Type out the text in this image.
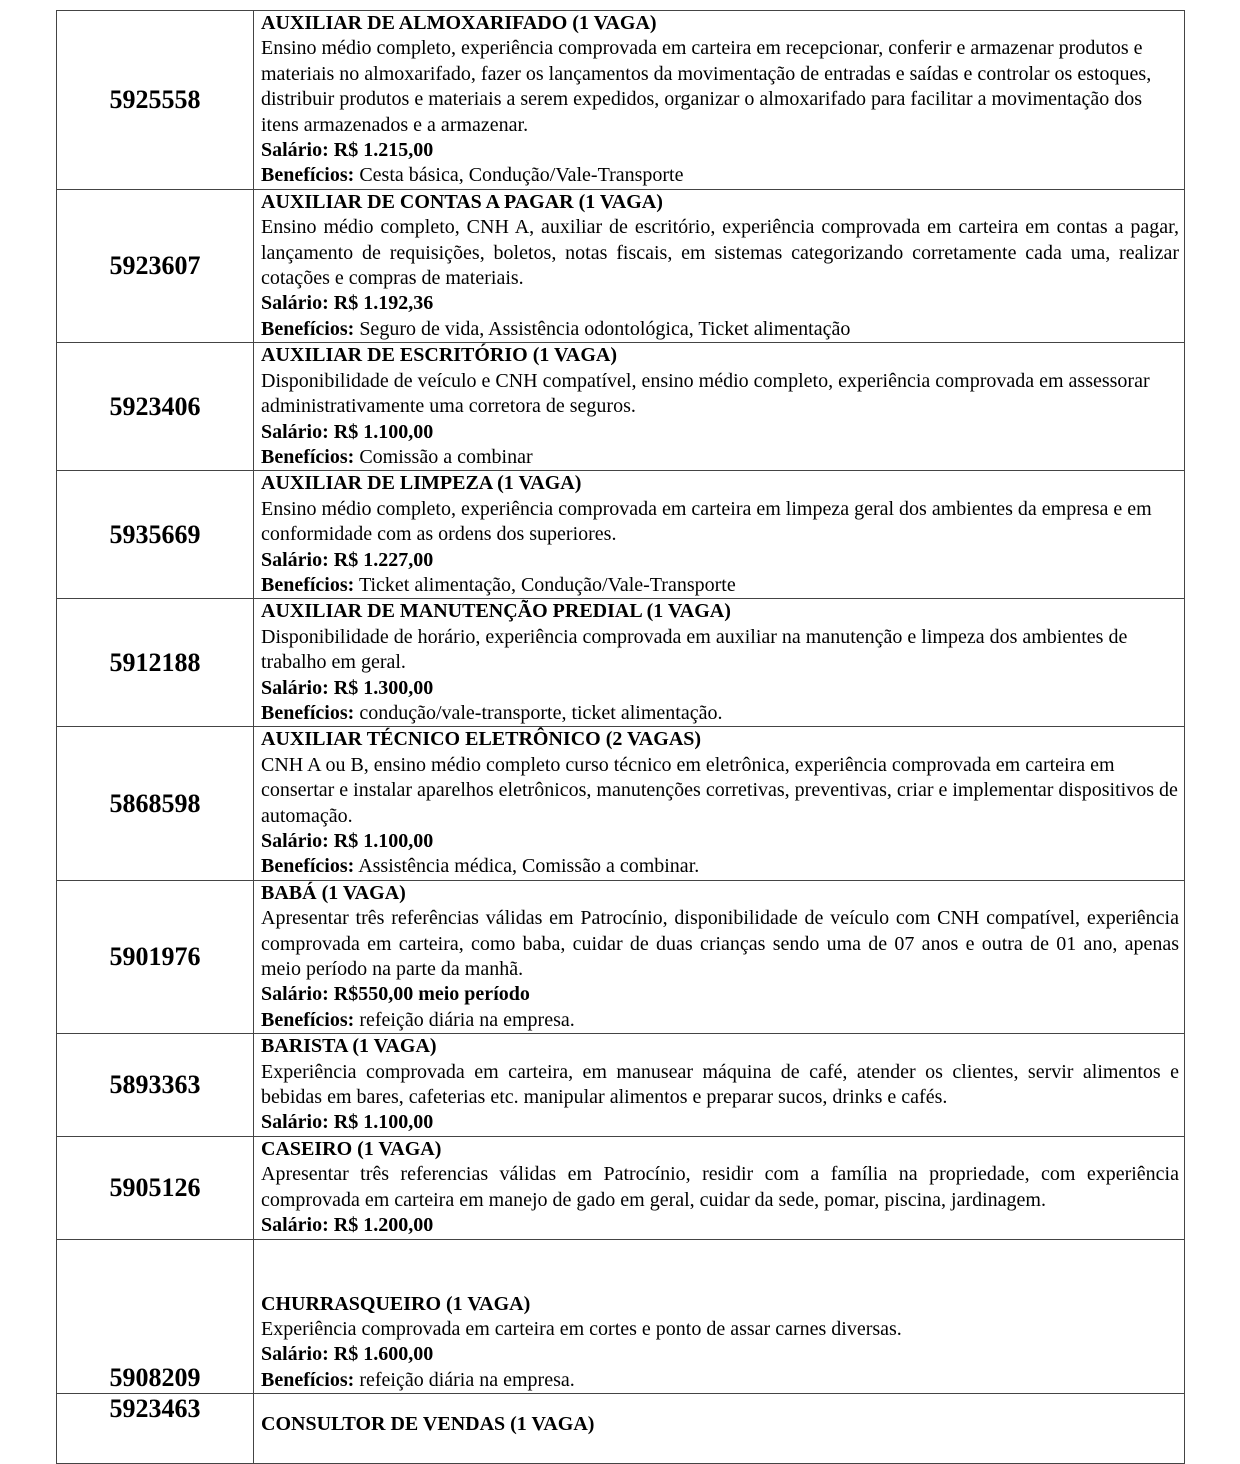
5925558	AUXILIAR DE ALMOXARIFADO (1 VAGA)
Ensino médio completo, experiência comprovada em carteira em recepcionar, conferir e armazenar produtos e materiais no almoxarifado, fazer os lançamentos da movimentação de entradas e saídas e controlar os estoques, distribuir produtos e materiais a serem expedidos, organizar o almoxarifado para facilitar a movimentação dos itens armazenados e a armazenar.
Salário: R$ 1.215,00
Benefícios: Cesta básica, Condução/Vale-Transporte

5923607	AUXILIAR DE CONTAS A PAGAR (1 VAGA)
Ensino médio completo, CNH A, auxiliar de escritório, experiência comprovada em carteira em contas a pagar, lançamento de requisições, boletos, notas fiscais, em sistemas categorizando corretamente cada uma, realizar cotações e compras de materiais.
Salário: R$ 1.192,36
Benefícios: Seguro de vida, Assistência odontológica, Ticket alimentação

5923406	AUXILIAR DE ESCRITÓRIO (1 VAGA)
Disponibilidade de veículo e CNH compatível, ensino médio completo, experiência comprovada em assessorar administrativamente uma corretora de seguros.
Salário: R$ 1.100,00
Benefícios: Comissão a combinar

5935669	AUXILIAR DE LIMPEZA (1 VAGA)
Ensino médio completo, experiência comprovada em carteira em limpeza geral dos ambientes da empresa e em conformidade com as ordens dos superiores.
Salário: R$ 1.227,00
Benefícios: Ticket alimentação, Condução/Vale-Transporte

5912188	AUXILIAR DE MANUTENÇÃO PREDIAL (1 VAGA)
Disponibilidade de horário, experiência comprovada em auxiliar na manutenção e limpeza dos ambientes de trabalho em geral.
Salário: R$ 1.300,00
Benefícios: condução/vale-transporte, ticket alimentação.

5868598	AUXILIAR TÉCNICO ELETRÔNICO (2 VAGAS)
CNH A ou B, ensino médio completo curso técnico em eletrônica, experiência comprovada em carteira em consertar e instalar aparelhos eletrônicos, manutenções corretivas, preventivas, criar e implementar dispositivos de automação.
Salário: R$ 1.100,00
Benefícios: Assistência médica, Comissão a combinar.

5901976	BABÁ (1 VAGA)
Apresentar três referências válidas em Patrocínio, disponibilidade de veículo com CNH compatível, experiência comprovada em carteira, como baba, cuidar de duas crianças sendo uma de 07 anos e outra de 01 ano, apenas meio período na parte da manhã.
Salário: R$550,00 meio período
Benefícios: refeição diária na empresa.

5893363	BARISTA (1 VAGA)
Experiência comprovada em carteira, em manusear máquina de café, atender os clientes, servir alimentos e bebidas em bares, cafeterias etc. manipular alimentos e preparar sucos, drinks e cafés.
Salário: R$ 1.100,00

5905126	CASEIRO (1 VAGA)
Apresentar três referencias válidas em Patrocínio, residir com a família na propriedade, com experiência comprovada em carteira em manejo de gado em geral, cuidar da sede, pomar, piscina, jardinagem.
Salário: R$ 1.200,00

5908209	CHURRASQUEIRO (1 VAGA)
Experiência comprovada em carteira em cortes e ponto de assar carnes diversas.
Salário: R$ 1.600,00
Benefícios: refeição diária na empresa.

5923463	CONSULTOR DE VENDAS (1 VAGA)
